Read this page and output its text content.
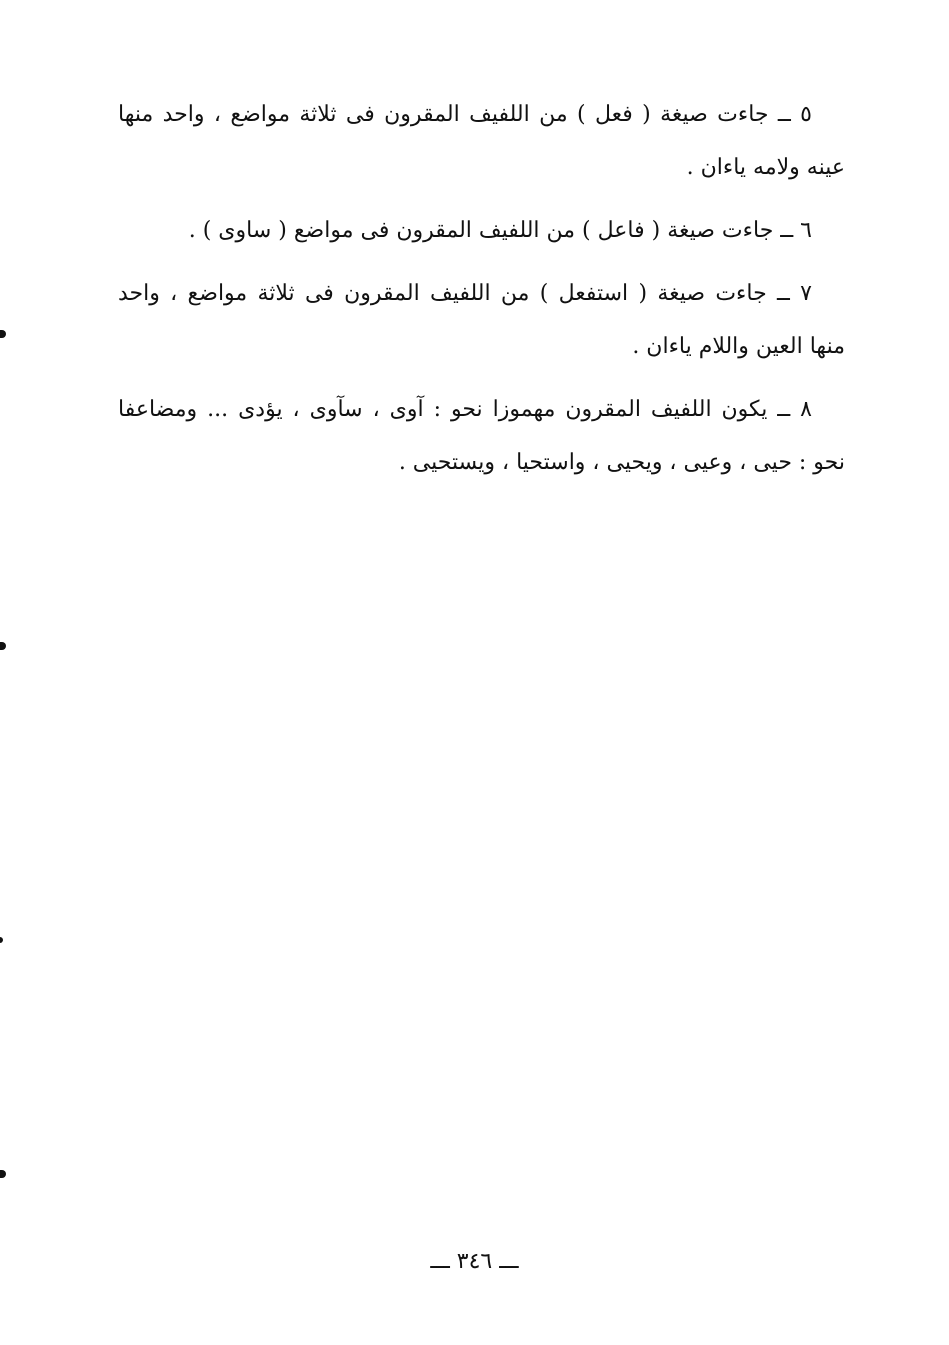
٥ ــ جاءت صيغة ( فعل ) من اللفيف المقرون فى ثلاثة مواضع ، واحد منها
عينه ولامه ياءان .

٦ ــ جاءت صيغة ( فاعل ) من اللفيف المقرون فى مواضع ( ساوى ) .

٧ ــ جاءت صيغة ( استفعل ) من اللفيف المقرون فى ثلاثة مواضع ، واحد
منها العين واللام ياءان .

٨ ــ يكون اللفيف المقرون مهموزا نحو : آوى ، سآوى ، يؤدى ... ومضاعفا
نحو : حيى ، وعيى ، ويحيى ، واستحيا ، ويستحيى .

ـــ ٣٤٦ ـــ
